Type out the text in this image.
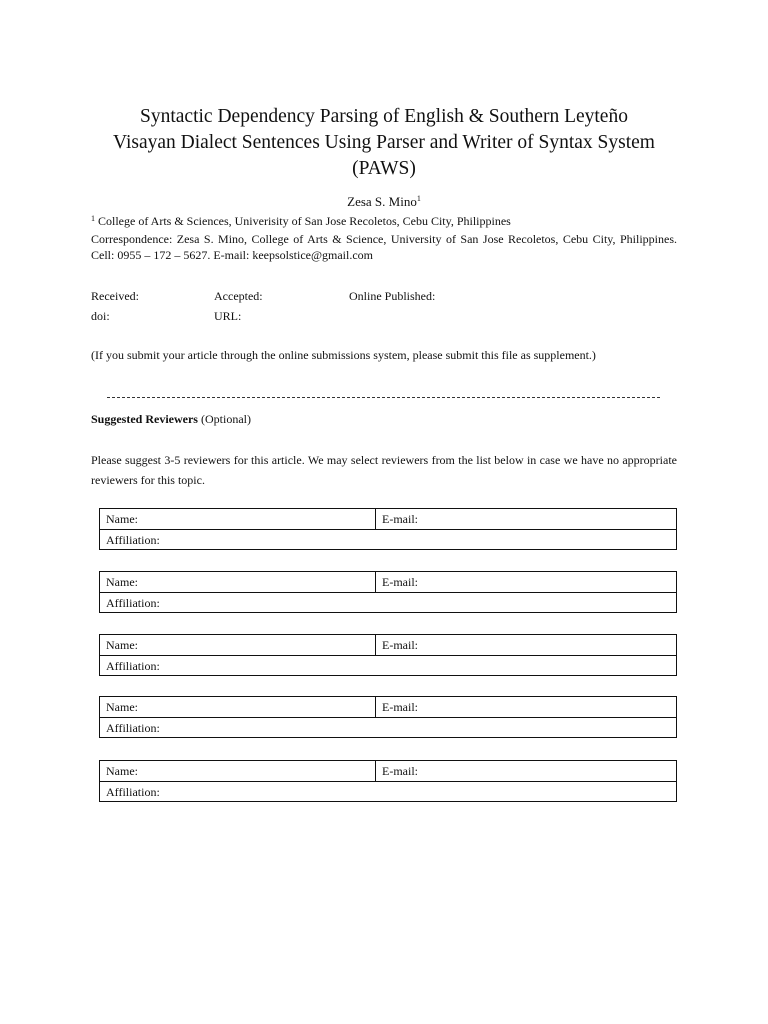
Syntactic Dependency Parsing of English & Southern Leyteño
Visayan Dialect Sentences Using Parser and Writer of Syntax System
(PAWS)
Zesa S. Mino$^1$
$^1$ College of Arts & Sciences, Univerisity of San Jose Recoletos, Cebu City, Philippines
Correspondence: Zesa S. Mino, College of Arts & Science, University of San Jose Recoletos, Cebu City, Philippines. Cell: 0955 – 172 – 5627. E-mail: keepsolstice@gmail.com
Received:	Accepted:	Online Published:
doi:	URL:
(If you submit your article through the online submissions system, please submit this file as supplement.)
Suggested Reviewers (Optional)
Please suggest 3-5 reviewers for this article. We may select reviewers from the list below in case we have no appropriate reviewers for this topic.
Name:	E-mail:
Affiliation:
Name:	E-mail:
Affiliation:
Name:	E-mail:
Affiliation:
Name:	E-mail:
Affiliation:
Name:	E-mail:
Affiliation:
